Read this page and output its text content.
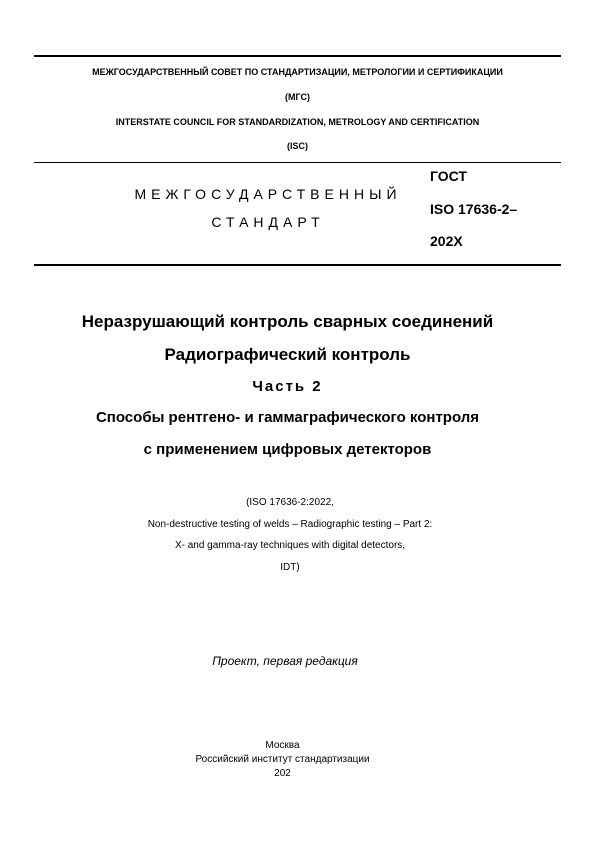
МЕЖГОСУДАРСТВЕННЫЙ СОВЕТ ПО СТАНДАРТИЗАЦИИ, МЕТРОЛОГИИ И СЕРТИФИКАЦИИ
(МГС)
INTERSTATE COUNCIL FOR STANDARDIZATION, METROLOGY AND CERTIFICATION
(ISC)
МЕЖГОСУДАРСТВЕННЫЙ
СТАНДАРТ
ГОСТ
ISO 17636-2–
202X
Неразрушающий контроль сварных соединений
Радиографический контроль
Часть 2
Способы рентгено- и гаммаграфического контроля
с применением цифровых детекторов
(ISO 17636-2:2022,
Non-destructive testing of welds – Radiographic testing – Part 2:
X- and gamma-ray techniques with digital detectors,
IDT)
Проект, первая редакция
Москва
Российский институт стандартизации
202
